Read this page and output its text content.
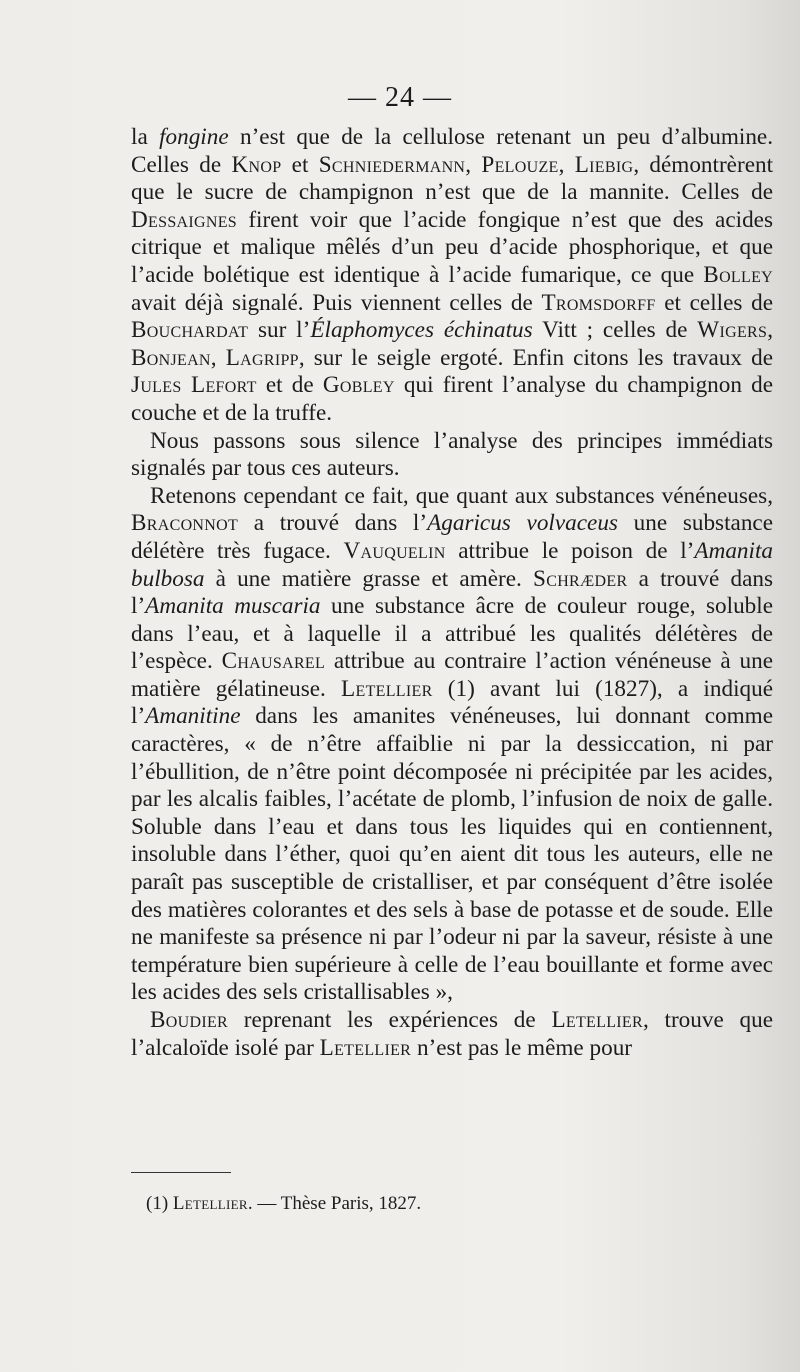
— 24 —

la fongine n’est que de la cellulose retenant un peu d’albumine. Celles de Knop et Schniedermann, Pelouze, Liebig, démontrèrent que le sucre de champignon n’est que de la mannite. Celles de Dessaignes firent voir que l’acide fongique n’est que des acides citrique et malique mêlés d’un peu d’acide phosphorique, et que l’acide bolétique est identique à l’acide fumarique, ce que Bolley avait déjà signalé. Puis viennent celles de Tromsdorff et celles de Bouchardat sur l’Élaphomyces échinatus Vitt ; celles de Wigers, Bonjean, Lagripp, sur le seigle ergoté. Enfin citons les travaux de Jules Lefort et de Gobley qui firent l’analyse du champignon de couche et de la truffe.

Nous passons sous silence l’analyse des principes immédiats signalés par tous ces auteurs.

Retenons cependant ce fait, que quant aux substances vénéneuses, Braconnot a trouvé dans l’Agaricus volvaceus une substance délétère très fugace. Vauquelin attribue le poison de l’Amanita bulbosa à une matière grasse et amère. Schræder a trouvé dans l’Amanita muscaria une substance âcre de couleur rouge, soluble dans l’eau, et à laquelle il a attribué les qualités délétères de l’espèce. Chausarel attribue au contraire l’action vénéneuse à une matière gélatineuse. Letellier (1) avant lui (1827), a indiqué l’Amanitine dans les amanites vénéneuses, lui donnant comme caractères, « de n’être affaiblie ni par la dessiccation, ni par l’ébullition, de n’être point décomposée ni précipitée par les acides, par les alcalis faibles, l’acétate de plomb, l’infusion de noix de galle. Soluble dans l’eau et dans tous les liquides qui en contiennent, insoluble dans l’éther, quoi qu’en aient dit tous les auteurs, elle ne paraît pas susceptible de cristalliser, et par conséquent d’être isolée des matières colorantes et des sels à base de potasse et de soude. Elle ne manifeste sa présence ni par l’odeur ni par la saveur, résiste à une température bien supérieure à celle de l’eau bouillante et forme avec les acides des sels cristallisables »,

Boudier reprenant les expériences de Letellier, trouve que l’alcaloïde isolé par Letellier n’est pas le même pour

(1) Letellier. — Thèse Paris, 1827.
